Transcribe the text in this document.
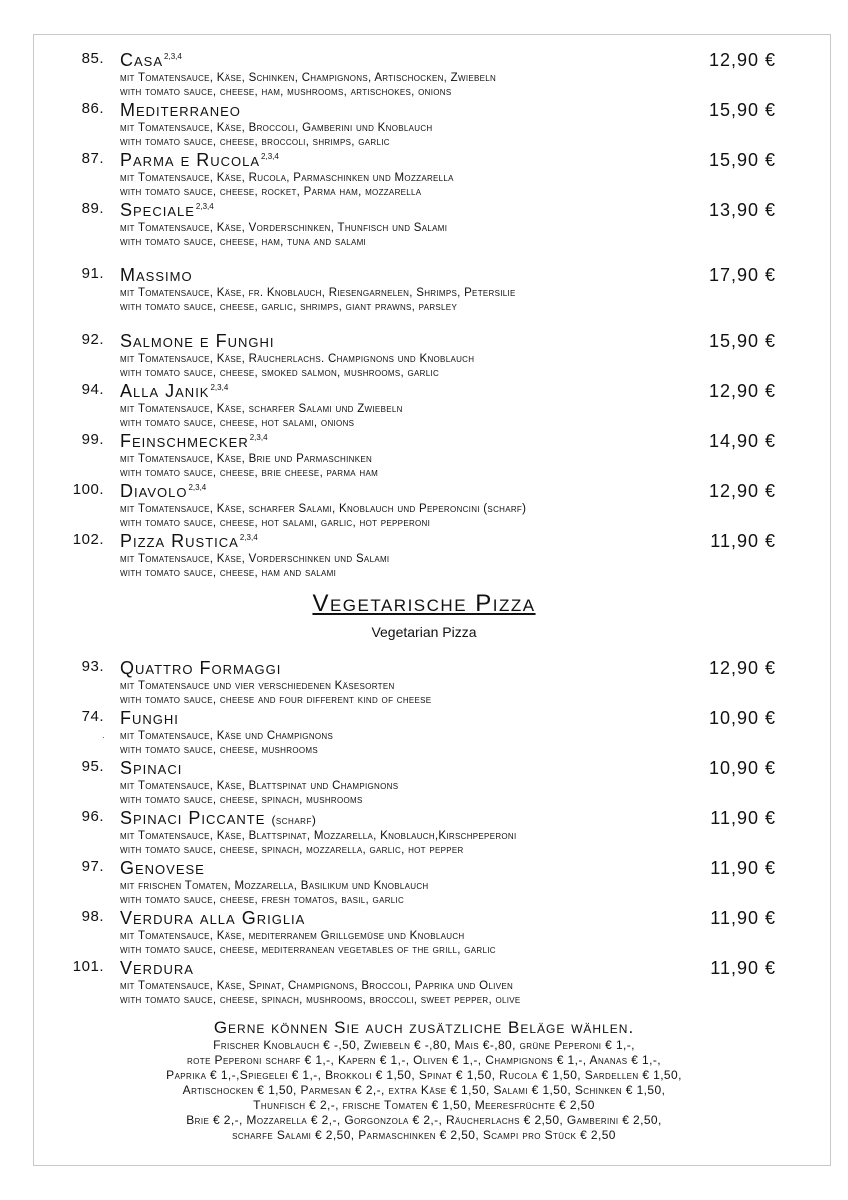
85. Casa$^{2,3,4}$	12,90 €
mit Tomatensauce, Käse, Schinken, Champignons, Artischocken, Zwiebeln
with tomato sauce, cheese, ham, mushrooms, artischokes, onions
86. Mediterraneo	15,90 €
mit Tomatensauce, Käse, Broccoli, Gamberini und Knoblauch
with tomato sauce, cheese, broccoli, shrimps, garlic
87. Parma e Rucola$^{2,3,4}$	15,90 €
mit Tomatensauce, Käse, Rucola, Parmaschinken und Mozzarella
with tomato sauce, cheese, rocket, Parma ham, mozzarella
89. Speciale$^{2,3,4}$	13,90 €
mit Tomatensauce, Käse, Vorderschinken, Thunfisch und Salami
with tomato sauce, cheese, ham, tuna and salami
91. Massimo	17,90 €
mit Tomatensauce, Käse, fr. Knoblauch, Riesengarnelen, Shrimps, Petersilie
with tomato sauce, cheese, garlic, shrimps, giant prawns, parsley
92. Salmone e Funghi	15,90 €
mit Tomatensauce, Käse, Räucherlachs. Champignons und Knoblauch
with tomato sauce, cheese, smoked salmon, mushrooms, garlic
94. Alla Janik$^{2,3,4}$	12,90 €
mit Tomatensauce, Käse, scharfer Salami und Zwiebeln
with tomato sauce, cheese, hot salami, onions
99. Feinschmecker$^{2,3,4}$	14,90 €
mit Tomatensauce, Käse, Brie und Parmaschinken
with tomato sauce, cheese, brie cheese, parma ham
100. Diavolo$^{2,3,4}$	12,90 €
mit Tomatensauce, Käse, scharfer Salami, Knoblauch und Peperoncini (scharf)
with tomato sauce, cheese, hot salami, garlic, hot pepperoni
102. Pizza Rustica$^{2,3,4}$	11,90 €
mit Tomatensauce, Käse, Vorderschinken und Salami
with tomato sauce, cheese, ham and salami
Vegetarische Pizza
Vegetarian Pizza
93. Quattro Formaggi	12,90 €
mit Tomatensauce und vier verschiedenen Käsesorten
with tomato sauce, cheese and four different kind of cheese
74. Funghi	10,90 €
· mit Tomatensauce, Käse und Champignons
with tomato sauce, cheese, mushrooms
95. Spinaci	10,90 €
mit Tomatensauce, Käse, Blattspinat und Champignons
with tomato sauce, cheese, spinach, mushrooms
96. Spinaci Piccante (scharf)	11,90 €
mit Tomatensauce, Käse, Blattspinat, Mozzarella, Knoblauch,Kirschpeperoni
with tomato sauce, cheese, spinach, mozzarella, garlic, hot pepper
97. Genovese	11,90 €
mit frischen Tomaten, Mozzarella, Basilikum und Knoblauch
with tomato sauce, cheese, fresh tomatos, basil, garlic
98. Verdura alla Griglia	11,90 €
mit Tomatensauce, Käse, mediterranem Grillgemüse und Knoblauch
with tomato sauce, cheese, mediterranean vegetables of the grill, garlic
101. Verdura	11,90 €
mit Tomatensauce, Käse, Spinat, Champignons, Broccoli, Paprika und Oliven
with tomato sauce, cheese, spinach, mushrooms, broccoli, sweet pepper, olive
Gerne können Sie auch zusätzliche Beläge wählen.
Frischer Knoblauch € -,50, Zwiebeln € -,80, Mais €-,80, grüne Peperoni € 1,-,
rote Peperoni scharf € 1,-, Kapern € 1,-, Oliven € 1,-, Champignons € 1,-, Ananas € 1,-,
Paprika € 1,-,Spiegelei € 1,-, Brokkoli € 1,50, Spinat € 1,50, Rucola € 1,50, Sardellen € 1,50,
Artischocken € 1,50, Parmesan € 2,-, extra Käse € 1,50, Salami € 1,50, Schinken € 1,50,
Thunfisch € 2,-, frische Tomaten € 1,50, Meeresfrüchte € 2,50
Brie € 2,-, Mozzarella € 2,-, Gorgonzola € 2,-, Räucherlachs € 2,50, Gamberini € 2,50,
scharfe Salami € 2,50, Parmaschinken € 2,50, Scampi pro Stück € 2,50
